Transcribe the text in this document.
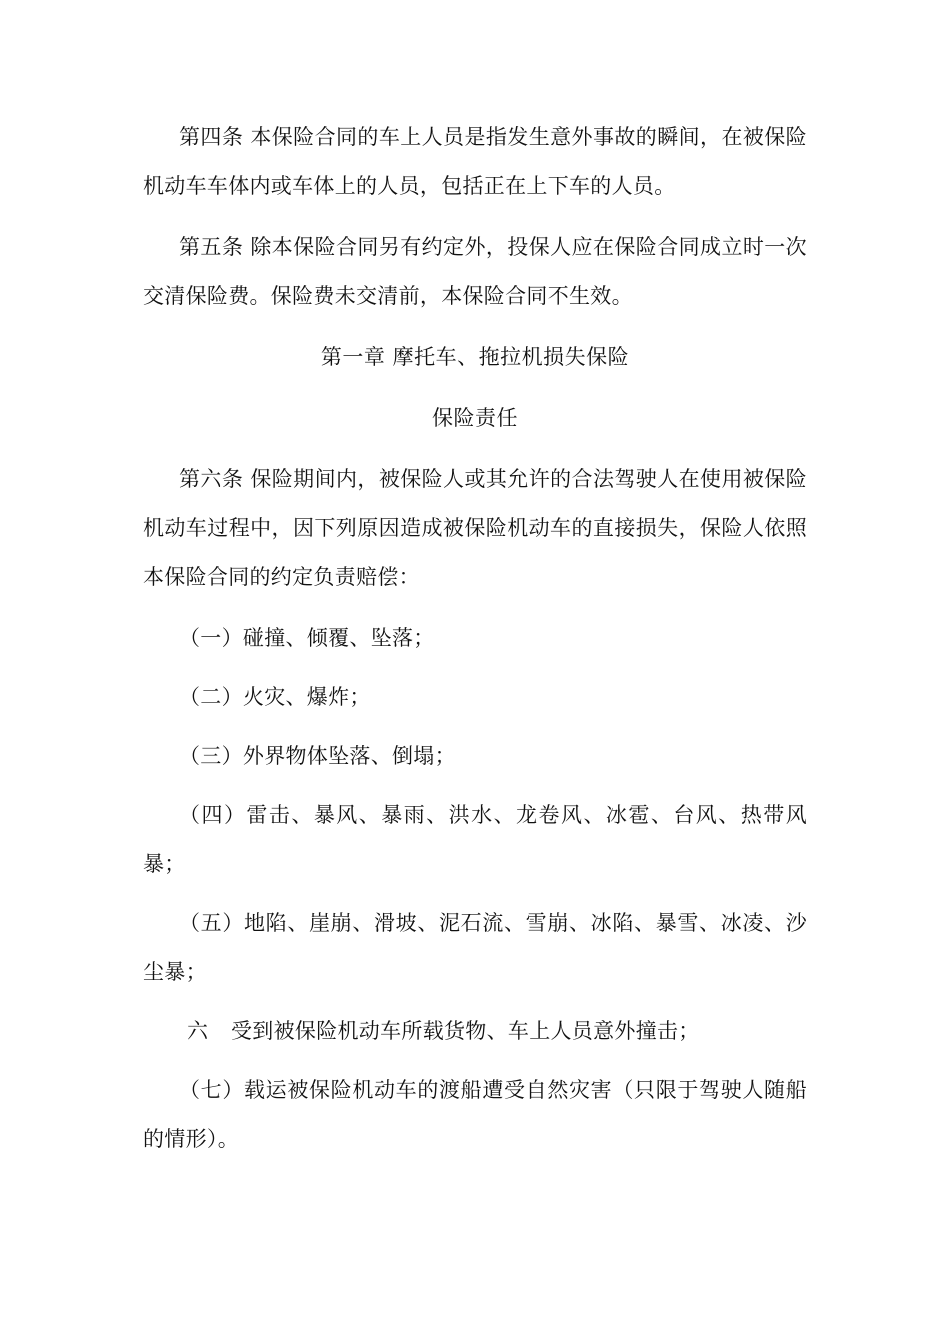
第四条 本保险合同的车上人员是指发生意外事故的瞬间，在被保险机动车车体内或车体上的人员，包括正在上下车的人员。

第五条 除本保险合同另有约定外，投保人应在保险合同成立时一次交清保险费。保险费未交清前，本保险合同不生效。

第一章 摩托车、拖拉机损失保险

保险责任

第六条 保险期间内，被保险人或其允许的合法驾驶人在使用被保险机动车过程中，因下列原因造成被保险机动车的直接损失，保险人依照本保险合同的约定负责赔偿：

（一）碰撞、倾覆、坠落；

（二）火灾、爆炸；

（三）外界物体坠落、倒塌；

（四）雷击、暴风、暴雨、洪水、龙卷风、冰雹、台风、热带风暴；

（五）地陷、崖崩、滑坡、泥石流、雪崩、冰陷、暴雪、冰凌、沙尘暴；

六 受到被保险机动车所载货物、车上人员意外撞击；

（七）载运被保险机动车的渡船遭受自然灾害（只限于驾驶人随船的情形）。
